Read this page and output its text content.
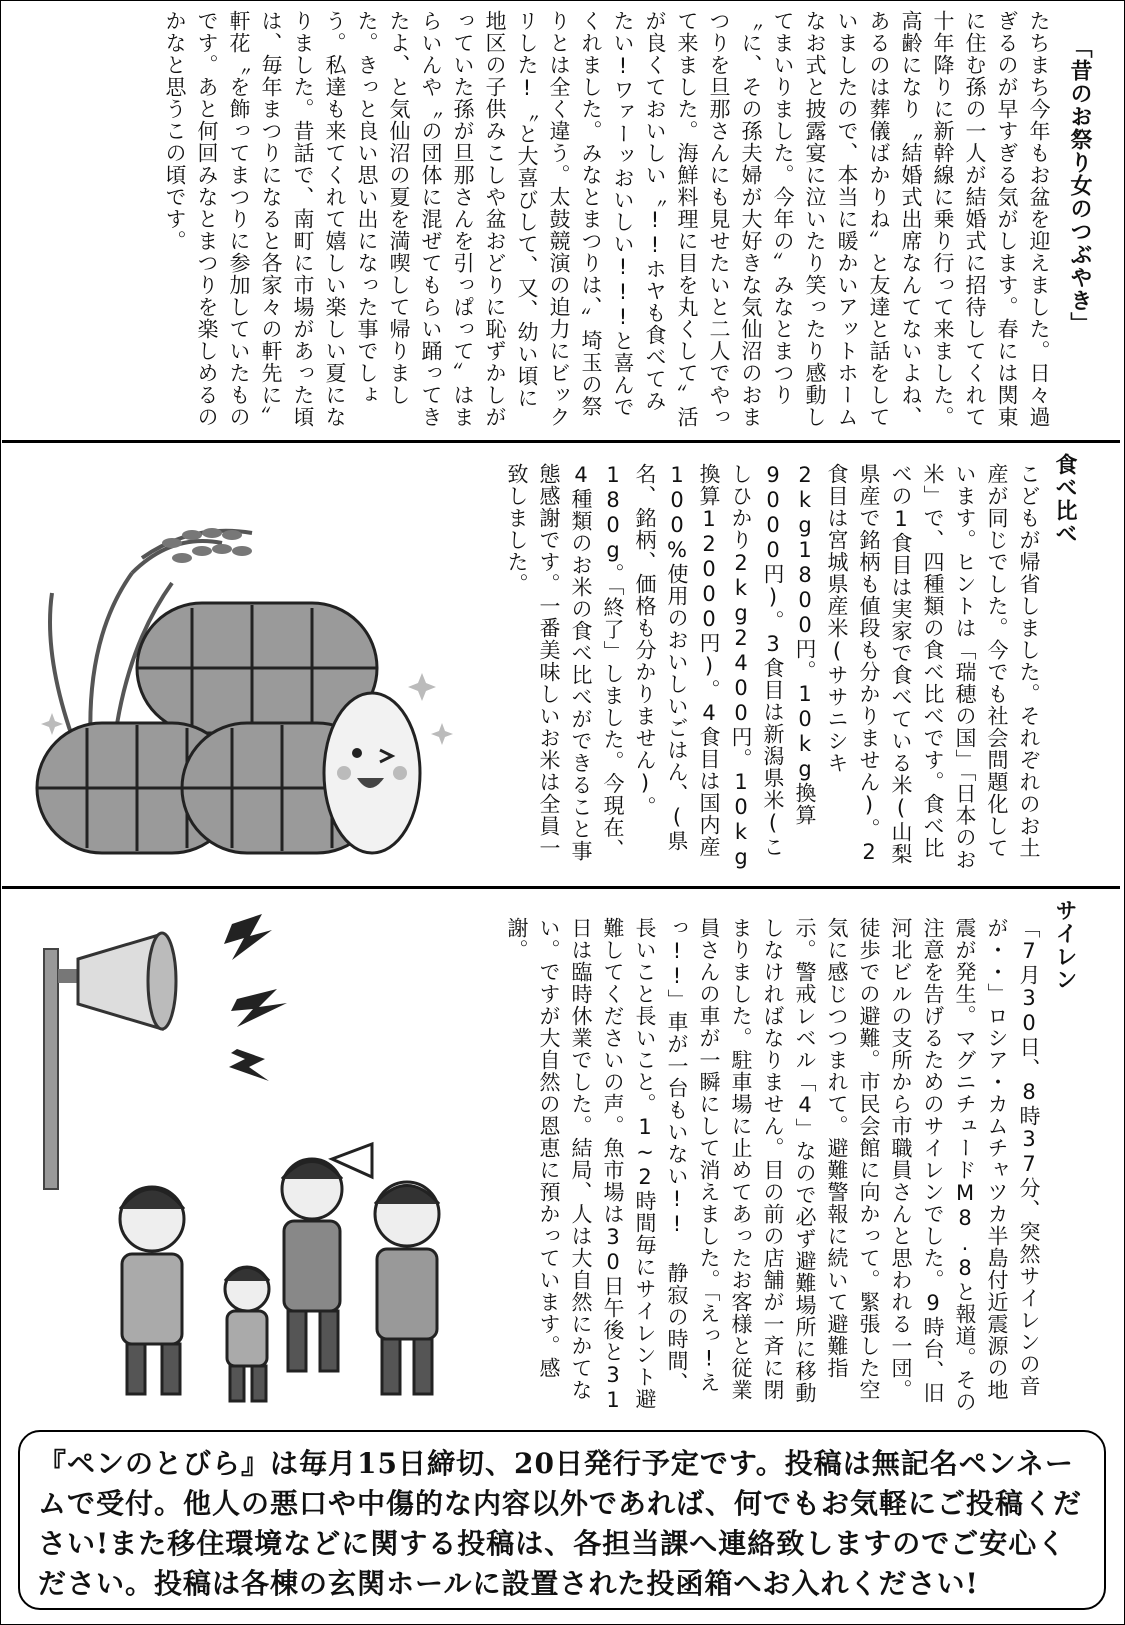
「昔のお祭り女のつぶやき」
たちまち今年もお盆を迎えました。日々過ぎるのが早すぎる気がします。春には関東に住む孫の一人が結婚式に招待してくれて十年降りに新幹線に乗り行って来ました。高齢になり〝結婚式出席なんてないよね、あるのは葬儀ばかりね〟と友達と話をしていましたので、本当に暖かいアットホームなお式と披露宴に泣いたり笑ったり感動してまいりました。今年の〟みなとまつり〝に、その孫夫婦が大好きな気仙沼のおまつりを旦那さんにも見せたいと二人でやって来ました。海鮮料理に目を丸くして〟活が良くておいしい〝!!ホヤも食べてみたい!ワァーッおいしい!!!と喜んでくれました。みなとまつりは、〟埼玉の祭りとは全く違う。太鼓競演の迫力にビックリした!〝と大喜びして、又、幼い頃に地区の子供みこしや盆おどりに恥ずかしがっていた孫が旦那さんを引っぱって〟はまらいんや〝の団体に混ぜてもらい踊ってきたよ、と気仙沼の夏を満喫して帰りました。きっと良い思い出になった事でしょう。私達も来てくれて嬉しい楽しい夏になりました。昔話で、南町に市場があった頃は、毎年まつりになると各家々の軒先に〟軒花〝を飾ってまつりに参加していたものです。あと何回みなとまつりを楽しめるのかなと思うこの頃です。
食べ比べ
こどもが帰省しました。それぞれのお土産が同じでした。今でも社会問題化しています。ヒントは「瑞穂の国」「日本のお米」で、四種類の食べ比べです。食べ比べの1食目は実家で食べている米(山梨県産で銘柄も値段も分かりません)。2食目は宮城県産米(ササニシキ2kg1800円。10kg換算9000円)。3食目は新潟県米(こしひかり2kg2400円。10kg換算12000円)。4食目は国内産100%使用のおいしいごはん、(県名、銘柄、価格も分かりません)。180g。「終了」しました。今現在、4種類のお米の食べ比べができること事態感謝です。一番美味しいお米は全員一致しました。
サイレン
「7月30日、8時37分、突然サイレンの音が・・」ロシア・カムチャツカ半島付近震源の地震が発生。マグニチュードM8.8と報道。その注意を告げるためのサイレンでした。9時台、旧河北ビルの支所から市職員さんと思われる一団。徒歩での避難。市民会館に向かって。緊張した空気に感じつつまれて。避難警報に続いて避難指示。警戒レベル「4」なので必ず避難場所に移動しなければなりません。目の前の店舗が一斉に閉まりました。駐車場に止めてあったお客様と従業員さんの車が一瞬にして消えました。「えっ!えっ!!」車が一台もいない!! 静寂の時間、長いこと長いこと。1~2時間毎にサイレント避難してくださいの声。魚市場は30日午後と31日は臨時休業でした。結局、人は大自然にかてない。ですが大自然の恩恵に預かっています。感謝。
『ペンのとびら』は毎月15日締切、20日発行予定です。投稿は無記名ペンネームで受付。他人の悪口や中傷的な内容以外であれば、何でもお気軽にご投稿ください!また移住環境などに関する投稿は、各担当課へ連絡致しますのでご安心ください。投稿は各棟の玄関ホールに設置された投函箱へお入れください!
